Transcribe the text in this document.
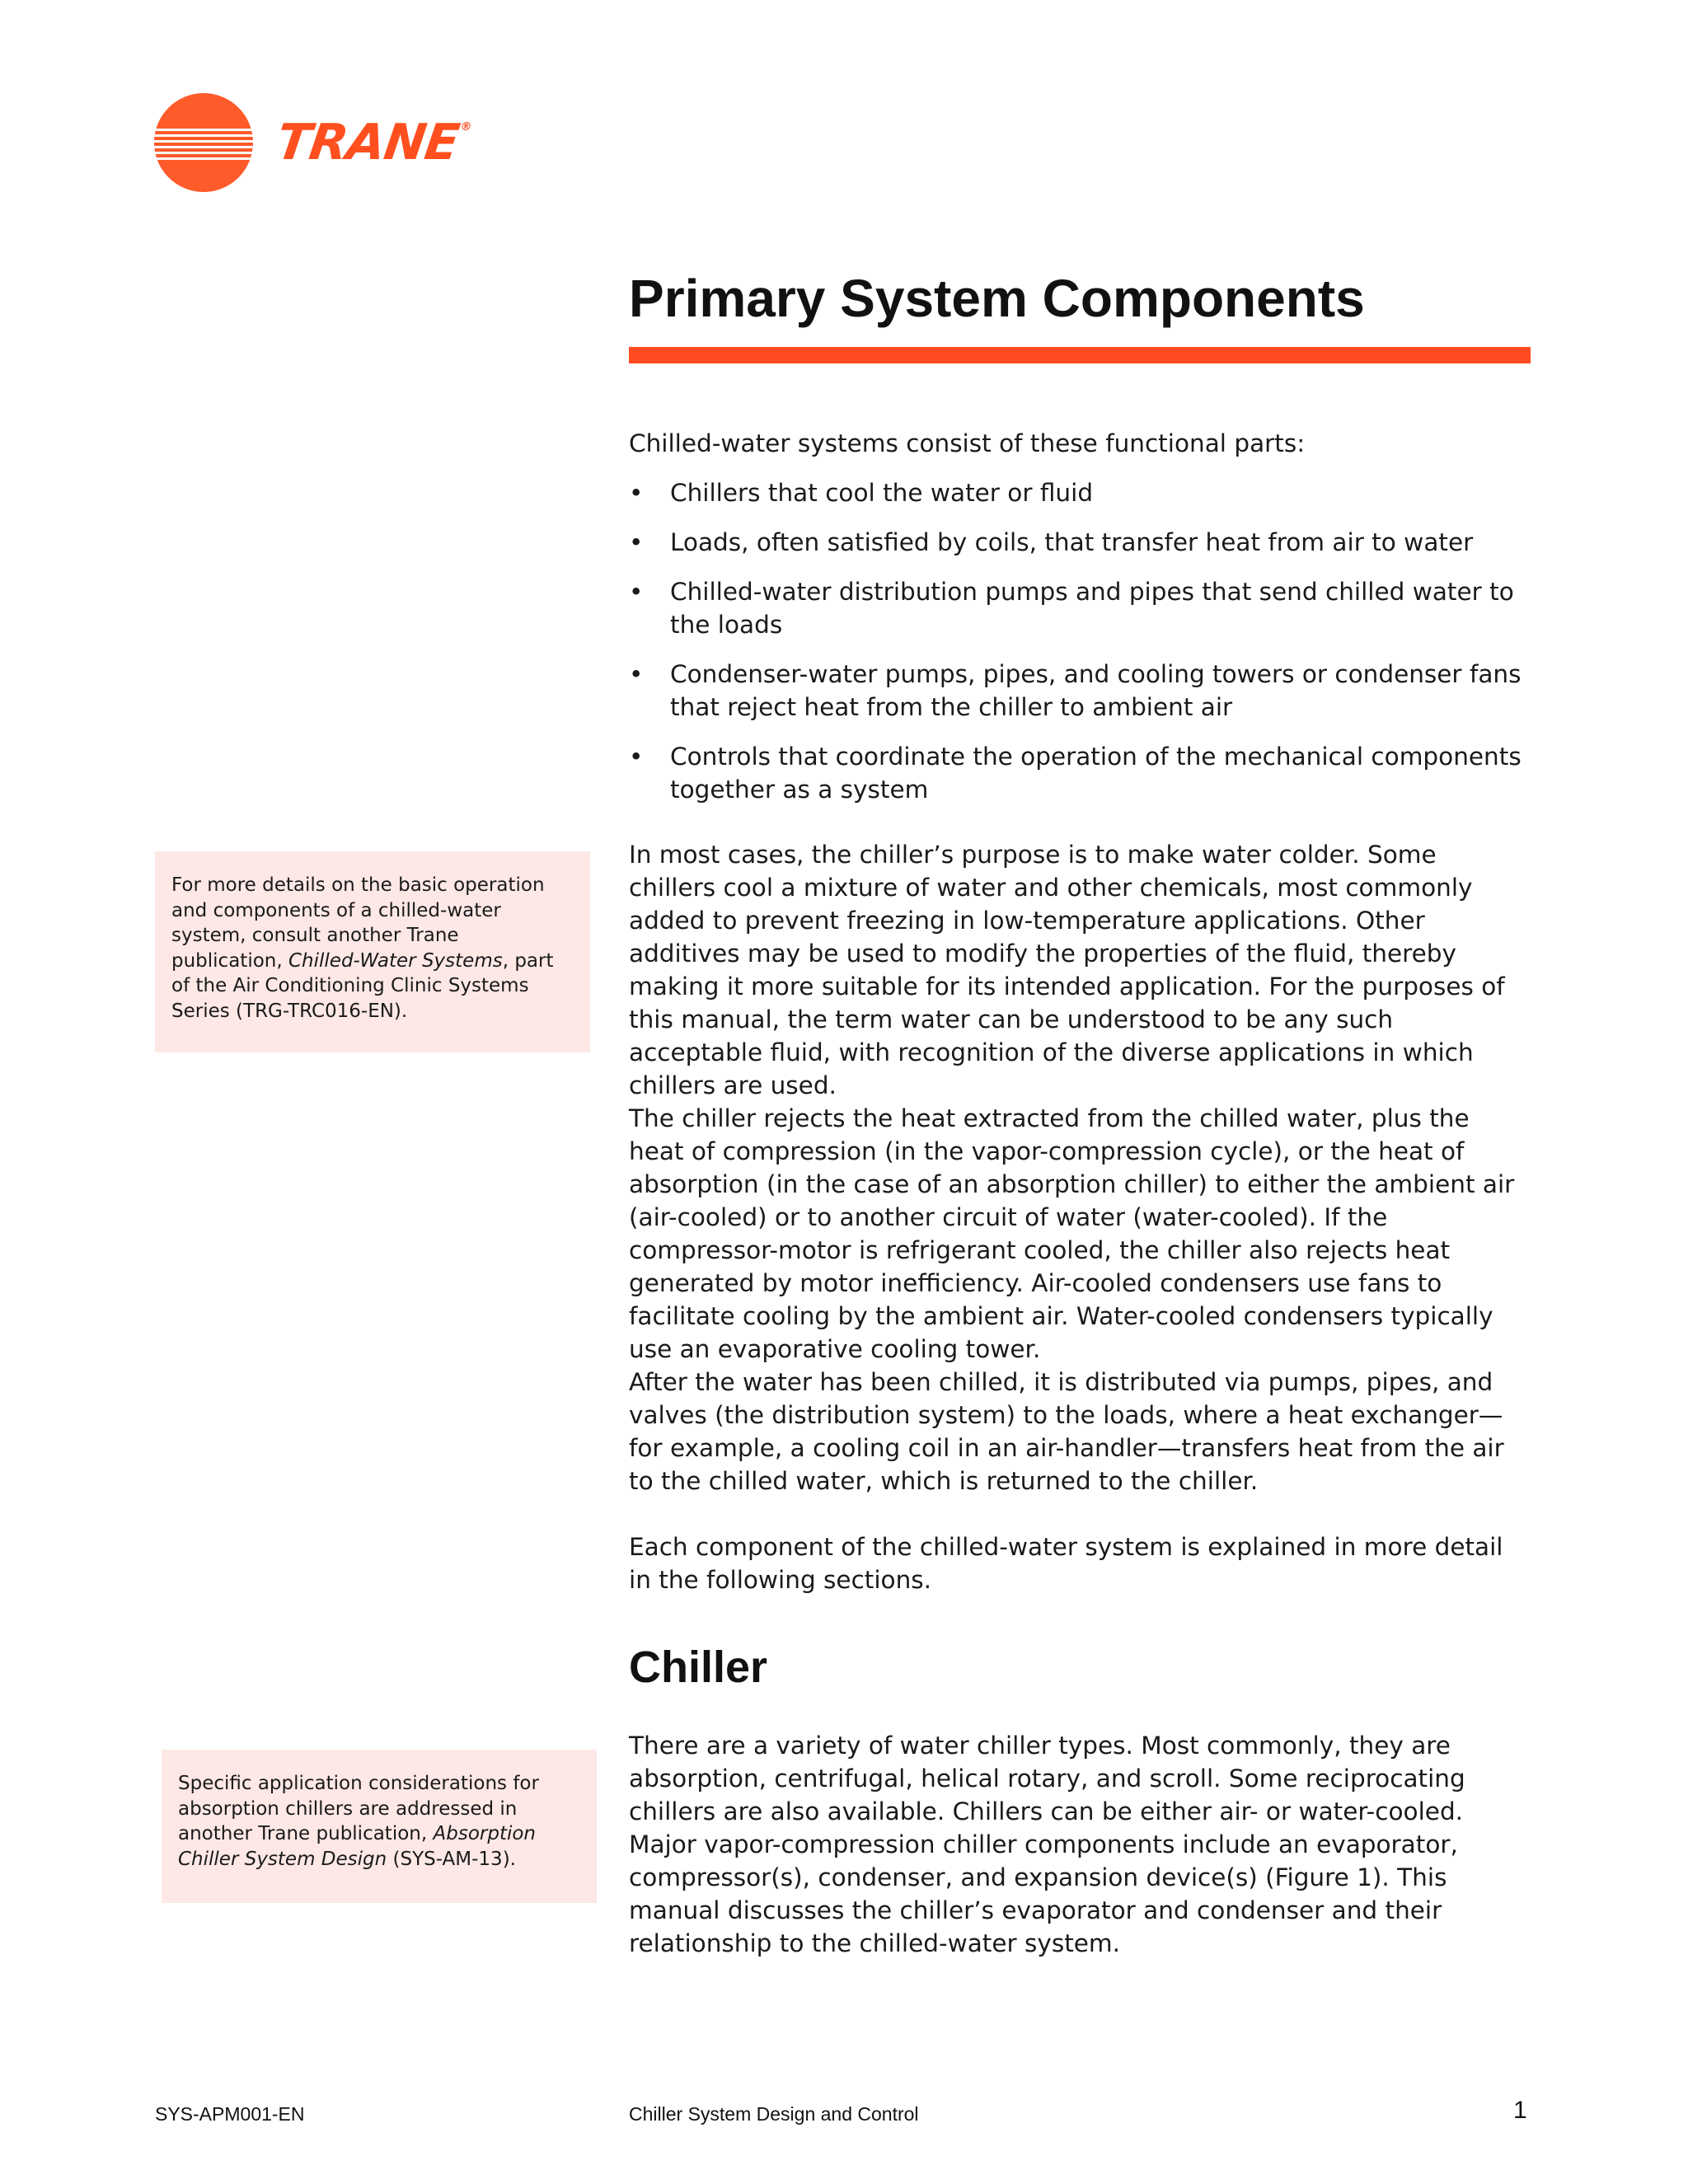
TRANE®
Primary System Components
Chilled-water systems consist of these functional parts:
• Chillers that cool the water or fluid
• Loads, often satisfied by coils, that transfer heat from air to water
• Chilled-water distribution pumps and pipes that send chilled water to the loads
• Condenser-water pumps, pipes, and cooling towers or condenser fans that reject heat from the chiller to ambient air
• Controls that coordinate the operation of the mechanical components together as a system

In most cases, the chiller’s purpose is to make water colder. Some chillers cool a mixture of water and other chemicals, most commonly added to prevent freezing in low-temperature applications. Other additives may be used to modify the properties of the fluid, thereby making it more suitable for its intended application. For the purposes of this manual, the term water can be understood to be any such acceptable fluid, with recognition of the diverse applications in which chillers are used.

The chiller rejects the heat extracted from the chilled water, plus the heat of compression (in the vapor-compression cycle), or the heat of absorption (in the case of an absorption chiller) to either the ambient air (air-cooled) or to another circuit of water (water-cooled). If the compressor-motor is refrigerant cooled, the chiller also rejects heat generated by motor inefficiency. Air-cooled condensers use fans to facilitate cooling by the ambient air. Water-cooled condensers typically use an evaporative cooling tower.

After the water has been chilled, it is distributed via pumps, pipes, and valves (the distribution system) to the loads, where a heat exchanger—for example, a cooling coil in an air-handler—transfers heat from the air to the chilled water, which is returned to the chiller.

Each component of the chilled-water system is explained in more detail in the following sections.

Chiller

There are a variety of water chiller types. Most commonly, they are absorption, centrifugal, helical rotary, and scroll. Some reciprocating chillers are also available. Chillers can be either air- or water-cooled. Major vapor-compression chiller components include an evaporator, compressor(s), condenser, and expansion device(s) (Figure 1). This manual discusses the chiller’s evaporator and condenser and their relationship to the chilled-water system.

For more details on the basic operation and components of a chilled-water system, consult another Trane publication, Chilled-Water Systems, part of the Air Conditioning Clinic Systems Series (TRG-TRC016-EN).
Specific application considerations for absorption chillers are addressed in another Trane publication, Absorption Chiller System Design (SYS-AM-13).
SYS-APM001-EN	Chiller System Design and Control	1
